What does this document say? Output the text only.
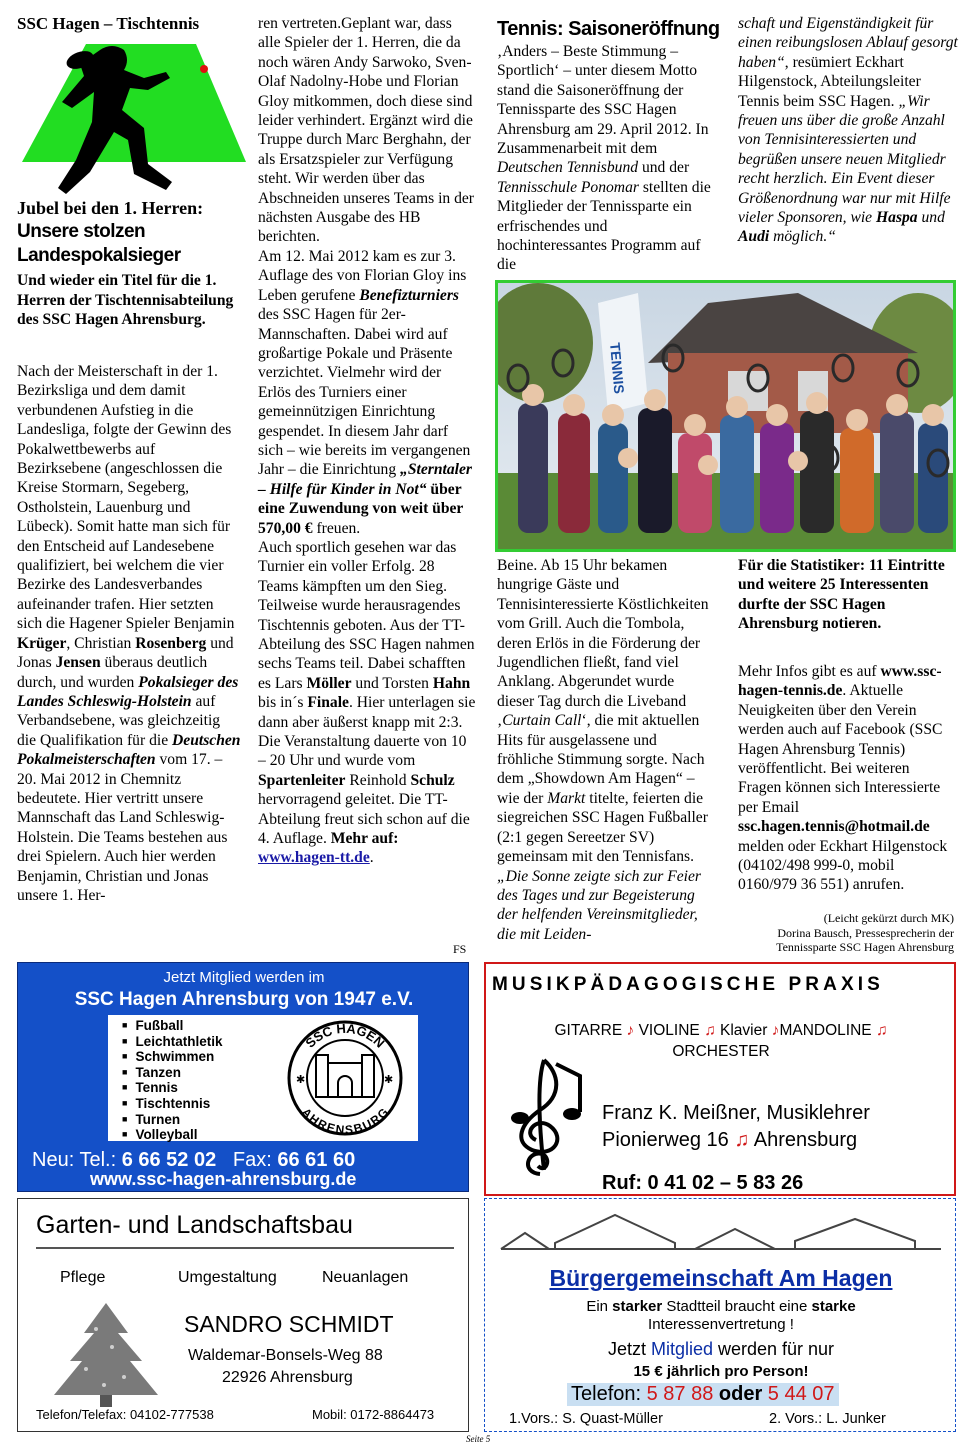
SSC Hagen – Tischtennis
Jubel bei den 1. Herren:
Unsere stolzen Landespokalsieger
Und wieder ein Titel für die 1. Herren der Tischtennisabteilung des SSC Hagen Ahrensburg.
Nach der Meisterschaft in der 1. Bezirksliga und dem damit verbundenen Aufstieg in die Landesliga, folgte der Gewinn des Pokalwettbewerbs auf Bezirksebene (angeschlossen die Kreise Stormarn, Segeberg, Ostholstein, Lauenburg und Lübeck). Somit hatte man sich für den Entscheid auf Landesebene qualifiziert, bei welchem die vier Bezirke des Landesverbandes aufeinander trafen. Hier setzten sich die Hagener Spieler Benjamin Krüger, Christian Rosenberg und Jonas Jensen überaus deutlich durch, und wurden Pokalsieger des Landes Schleswig-Holstein auf Verbandsebene, was gleichzeitig die Qualifikation für die Deutschen Pokalmeisterschaften vom 17. – 20. Mai 2012 in Chemnitz bedeutete. Hier vertritt unsere Mannschaft das Land Schleswig-Holstein. Die Teams bestehen aus drei Spielern. Auch hier werden Benjamin, Christian und Jonas unsere 1. Her-
ren vertreten.Geplant war, dass alle Spieler der 1. Herren, die da noch wären Andy Sarwoko, Sven-Olaf Nadolny-Hobe und Florian Gloy mitkommen, doch diese sind leider verhindert. Ergänzt wird die Truppe durch Marc Berghahn, der als Ersatzspieler zur Verfügung steht. Wir werden über das Abschneiden unseres Teams in der nächsten Ausgabe des HB berichten.
Am 12. Mai 2012 kam es zur 3. Auflage des von Florian Gloy ins Leben gerufene Benefizturniers des SSC Hagen für 2er-Mannschaften. Dabei wird auf großartige Pokale und Präsente verzichtet. Vielmehr wird der Erlös des Turniers einer gemeinnützigen Einrichtung gespendet. In diesem Jahr darf sich – wie bereits im vergangenen Jahr – die Einrichtung „Sterntaler – Hilfe für Kinder in Not“ über eine Zuwendung von weit über 570,00 € freuen.
Auch sportlich gesehen war das Turnier ein voller Erfolg. 28 Teams kämpften um den Sieg. Teilweise wurde herausragendes Tischtennis geboten. Aus der TT-Abteilung des SSC Hagen nahmen sechs Teams teil. Dabei schafften es Lars Möller und Torsten Hahn bis in´s Finale. Hier unterlagen sie dann aber äußerst knapp mit 2:3. Die Veranstaltung dauerte von 10 – 20 Uhr und wurde vom Spartenleiter Reinhold Schulz hervorragend geleitet. Die TT-Abteilung freut sich schon auf die 4. Auflage. Mehr auf:
www.hagen-tt.de.
FS
Tennis: Saisoneröffnung
‚Anders – Beste Stimmung – Sportlich‘ – unter diesem Motto stand die Saisoneröffnung der Tennissparte des SSC Hagen Ahrensburg am 29. April 2012. In Zusammenarbeit mit dem Deutschen Tennisbund und der Tennisschule Ponomar stellten die Mitglieder der Tennissparte ein erfrischendes und hochinteressantes Programm auf die
schaft und Eigenständigkeit für einen reibungslosen Ablauf gesorgt haben“, resümiert Eckhart Hilgenstock, Abteilungsleiter Tennis beim SSC Hagen. „Wir freuen uns über die große Anzahl von Tennisinteressierten und begrüßen unsere neuen Mitgliedr recht herzlich. Ein Event dieser Größenordnung war nur mit Hilfe vieler Sponsoren, wie Haspa und Audi möglich.“
TENNIS
Beine. Ab 15 Uhr bekamen hungrige Gäste und Tennisinteressierte Köstlichkeiten vom Grill. Auch die Tombola, deren Erlös in die Förderung der Jugendlichen fließt, fand viel Anklang. Abgerundet wurde dieser Tag durch die Liveband ‚Curtain Call‘, die mit aktuellen Hits für ausgelassene und fröhliche Stimmung sorgte. Nach dem „Showdown Am Hagen“ – wie der Markt titelte, feierten die siegreichen SSC Hagen Fußballer (2:1 gegen Sereetzer SV) gemeinsam mit den Tennisfans.
„Die Sonne zeigte sich zur Feier des Tages und zur Begeisterung der helfenden Vereinsmitglieder, die mit Leiden-
Für die Statistiker: 11 Eintritte und weitere 25 Interessenten durfte der SSC Hagen Ahrensburg notieren.
Mehr Infos gibt es auf www.ssc-hagen-tennis.de. Aktuelle Neuigkeiten über den Verein werden auch auf Facebook (SSC Hagen Ahrensburg Tennis) veröffentlicht. Bei weiteren Fragen können sich Interessierte per Email ssc.hagen.tennis@hotmail.de melden oder Eckhart Hilgenstock (04102/498 999-0, mobil 0160/979 36 551) anrufen.
(Leicht gekürzt durch MK)
Dorina Bausch, Pressesprecherin der
Tennissparte SSC Hagen Ahrensburg
Jetzt Mitglied werden im
SSC Hagen Ahrensburg von 1947 e.V.
■ Fußball
■ Leichtathletik
■ Schwimmen
■ Tanzen
■ Tennis
■ Tischtennis
■ Turnen
■ Volleyball
SSC HAGEN
AHRENSBURG
✱	✱
Neu: Tel.: 6 66 52 02 Fax: 66 61 60
www.ssc-hagen-ahrensburg.de
MUSIKPÄDAGOGISCHE PRAXIS
GITARRE ♪ VIOLINE ♫ Klavier ♪MANDOLINE ♫
ORCHESTER
Franz K. Meißner, Musiklehrer
Pionierweg 16 ♫ Ahrensburg
Ruf: 0 41 02 – 5 83 26
Garten- und Landschaftsbau
Pflege	Umgestaltung	Neuanlagen
SANDRO SCHMIDT
Waldemar-Bonsels-Weg 88
22926 Ahrensburg
Telefon/Telefax: 04102-777538	Mobil: 0172-8864473
Bürgergemeinschaft Am Hagen
Ein starker Stadtteil braucht eine starke
Interessenvertretung !
Jetzt Mitglied werden für nur
15 € jährlich pro Person!
Telefon: 5 87 88 oder 5 44 07
1.Vors.: S. Quast-Müller	2. Vors.: L. Junker
Seite 5
